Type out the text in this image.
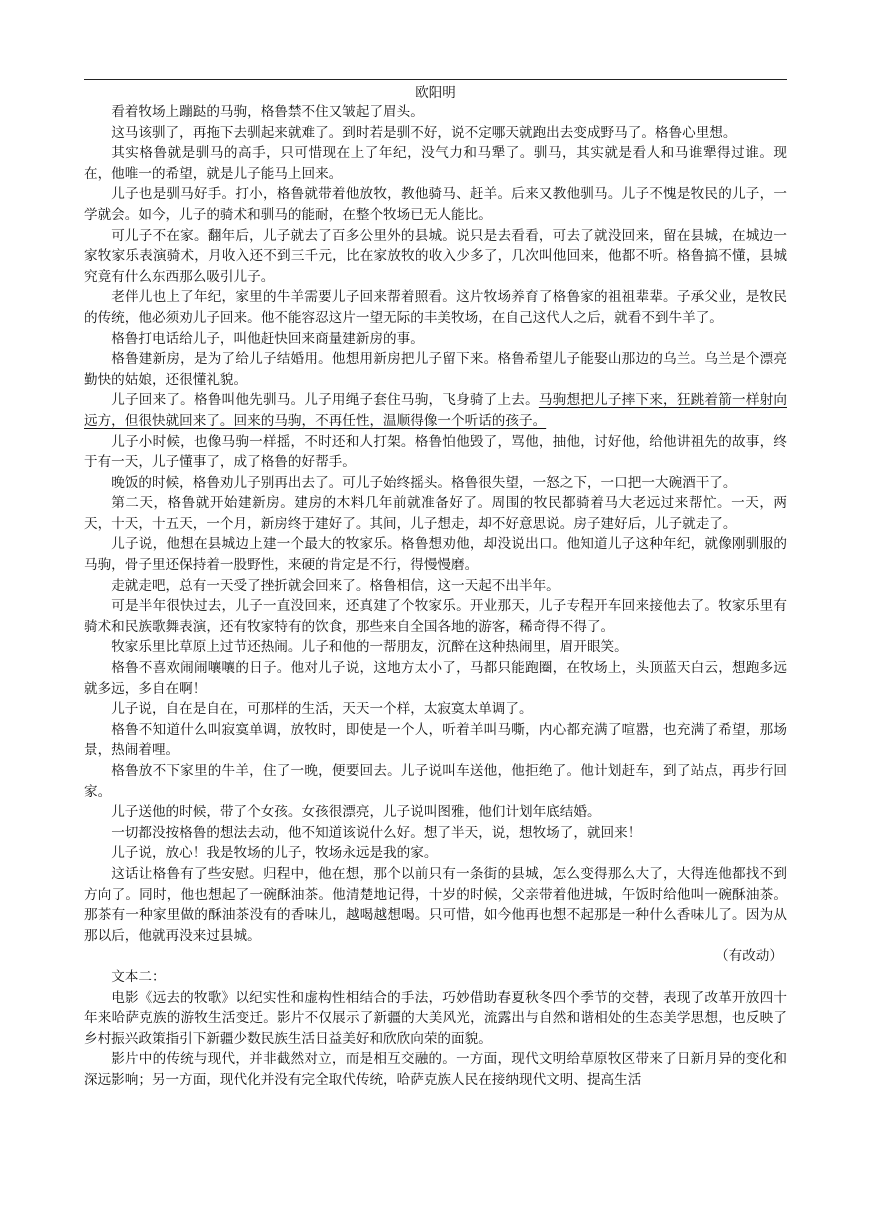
欧阳明

看着牧场上蹦跶的马驹，格鲁禁不住又皱起了眉头。

这马该驯了，再拖下去驯起来就难了。到时若是驯不好，说不定哪天就跑出去变成野马了。格鲁心里想。

其实格鲁就是驯马的高手，只可惜现在上了年纪，没气力和马犟了。驯马，其实就是看人和马谁犟得过谁。现在，他唯一的希望，就是儿子能马上回来。

儿子也是驯马好手。打小，格鲁就带着他放牧，教他骑马、赶羊。后来又教他驯马。儿子不愧是牧民的儿子，一学就会。如今，儿子的骑术和驯马的能耐，在整个牧场已无人能比。

可儿子不在家。翻年后，儿子就去了百多公里外的县城。说只是去看看，可去了就没回来，留在县城，在城边一家牧家乐表演骑术，月收入还不到三千元，比在家放牧的收入少多了，几次叫他回来，他都不听。格鲁搞不懂，县城究竟有什么东西那么吸引儿子。

老伴儿也上了年纪，家里的牛羊需要儿子回来帮着照看。这片牧场养育了格鲁家的祖祖辈辈。子承父业，是牧民的传统，他必须劝儿子回来。他不能容忍这片一望无际的丰美牧场，在自己这代人之后，就看不到牛羊了。

格鲁打电话给儿子，叫他赶快回来商量建新房的事。

格鲁建新房，是为了给儿子结婚用。他想用新房把儿子留下来。格鲁希望儿子能娶山那边的乌兰。乌兰是个漂亮勤快的姑娘，还很懂礼貌。

儿子回来了。格鲁叫他先驯马。儿子用绳子套住马驹，飞身骑了上去。马驹想把儿子摔下来，狂跳着箭一样射向远方，但很快就回来了。回来的马驹，不再任性，温顺得像一个听话的孩子。

儿子小时候，也像马驹一样摇，不时还和人打架。格鲁怕他毁了，骂他，抽他，讨好他，给他讲祖先的故事，终于有一天，儿子懂事了，成了格鲁的好帮手。

晚饭的时候，格鲁劝儿子别再出去了。可儿子始终摇头。格鲁很失望，一怒之下，一口把一大碗酒干了。

第二天，格鲁就开始建新房。建房的木料几年前就准备好了。周围的牧民都骑着马大老远过来帮忙。一天，两天，十天，十五天，一个月，新房终于建好了。其间，儿子想走，却不好意思说。房子建好后，儿子就走了。

儿子说，他想在县城边上建一个最大的牧家乐。格鲁想劝他，却没说出口。他知道儿子这种年纪，就像刚驯服的马驹，骨子里还保持着一股野性，来硬的肯定是不行，得慢慢磨。

走就走吧，总有一天受了挫折就会回来了。格鲁相信，这一天起不出半年。

可是半年很快过去，儿子一直没回来，还真建了个牧家乐。开业那天，儿子专程开车回来接他去了。牧家乐里有骑术和民族歌舞表演，还有牧家特有的饮食，那些来自全国各地的游客，稀奇得不得了。

牧家乐里比草原上过节还热闹。儿子和他的一帮朋友，沉醉在这种热闹里，眉开眼笑。

格鲁不喜欢闹闹嚷嚷的日子。他对儿子说，这地方太小了，马都只能跑圈，在牧场上，头顶蓝天白云，想跑多远就多远，多自在啊！

儿子说，自在是自在，可那样的生活，天天一个样，太寂寞太单调了。

格鲁不知道什么叫寂寞单调，放牧时，即使是一个人，听着羊叫马嘶，内心都充满了喧嚣，也充满了希望，那场景，热闹着哩。

格鲁放不下家里的牛羊，住了一晚，便要回去。儿子说叫车送他，他拒绝了。他计划赶车，到了站点，再步行回家。

儿子送他的时候，带了个女孩。女孩很漂亮，儿子说叫图雅，他们计划年底结婚。

一切都没按格鲁的想法去动，他不知道该说什么好。想了半天，说，想牧场了，就回来！

儿子说，放心！我是牧场的儿子，牧场永远是我的家。

这话让格鲁有了些安慰。归程中，他在想，那个以前只有一条街的县城，怎么变得那么大了，大得连他都找不到方向了。同时，他也想起了一碗酥油茶。他清楚地记得，十岁的时候，父亲带着他进城，午饭时给他叫一碗酥油茶。那茶有一种家里做的酥油茶没有的香味儿，越喝越想喝。只可惜，如今他再也想不起那是一种什么香味儿了。因为从那以后，他就再没来过县城。

（有改动）

文本二：

电影《远去的牧歌》以纪实性和虚构性相结合的手法，巧妙借助春夏秋冬四个季节的交替，表现了改革开放四十年来哈萨克族的游牧生活变迁。影片不仅展示了新疆的大美风光，流露出与自然和谐相处的生态美学思想，也反映了乡村振兴政策指引下新疆少数民族生活日益美好和欣欣向荣的面貌。

影片中的传统与现代，并非截然对立，而是相互交融的。一方面，现代文明给草原牧区带来了日新月异的变化和深远影响；另一方面，现代化并没有完全取代传统，哈萨克族人民在接纳现代文明、提高生活
